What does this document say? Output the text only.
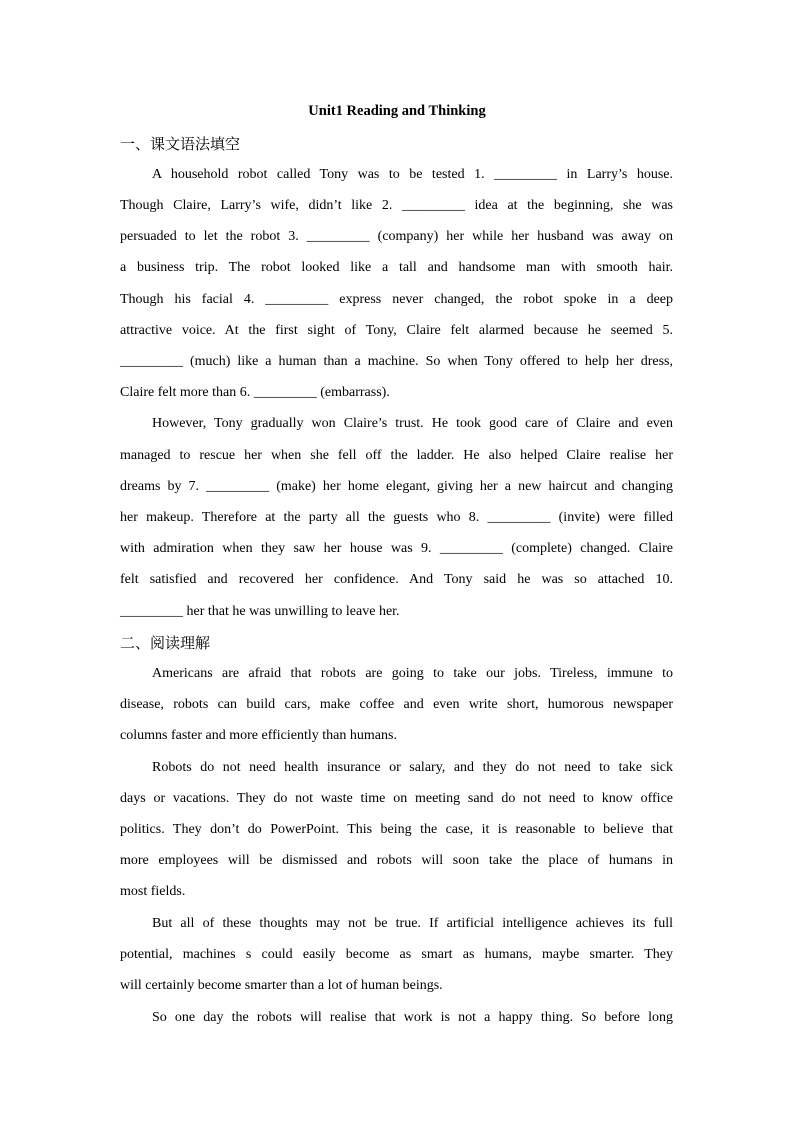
Unit1 Reading and Thinking
一、课文语法填空
A household robot called Tony was to be tested 1. _________ in Larry’s house.
Though Claire, Larry’s wife, didn’t like 2. _________ idea at the beginning, she was
persuaded to let the robot 3. _________ (company) her while her husband was away on
a business trip. The robot looked like a tall and handsome man with smooth hair.
Though his facial 4. _________ express never changed, the robot spoke in a deep
attractive voice. At the first sight of Tony, Claire felt alarmed because he seemed 5.
_________ (much) like a human than a machine. So when Tony offered to help her dress,
Claire felt more than 6. _________ (embarrass).
However, Tony gradually won Claire’s trust. He took good care of Claire and even
managed to rescue her when she fell off the ladder. He also helped Claire realise her
dreams by 7. _________ (make) her home elegant, giving her a new haircut and changing
her makeup. Therefore at the party all the guests who 8. _________ (invite) were filled
with admiration when they saw her house was 9. _________ (complete) changed. Claire
felt satisfied and recovered her confidence. And Tony said he was so attached 10.
_________ her that he was unwilling to leave her.
二、阅读理解
Americans are afraid that robots are going to take our jobs. Tireless, immune to
disease, robots can build cars, make coffee and even write short, humorous newspaper
columns faster and more efficiently than humans.
Robots do not need health insurance or salary, and they do not need to take sick
days or vacations. They do not waste time on meeting sand do not need to know office
politics. They don’t do PowerPoint. This being the case, it is reasonable to believe that
more employees will be dismissed and robots will soon take the place of humans in
most fields.
But all of these thoughts may not be true. If artificial intelligence achieves its full
potential, machines s could easily become as smart as humans, maybe smarter. They
will certainly become smarter than a lot of human beings.
So one day the robots will realise that work is not a happy thing. So before long
